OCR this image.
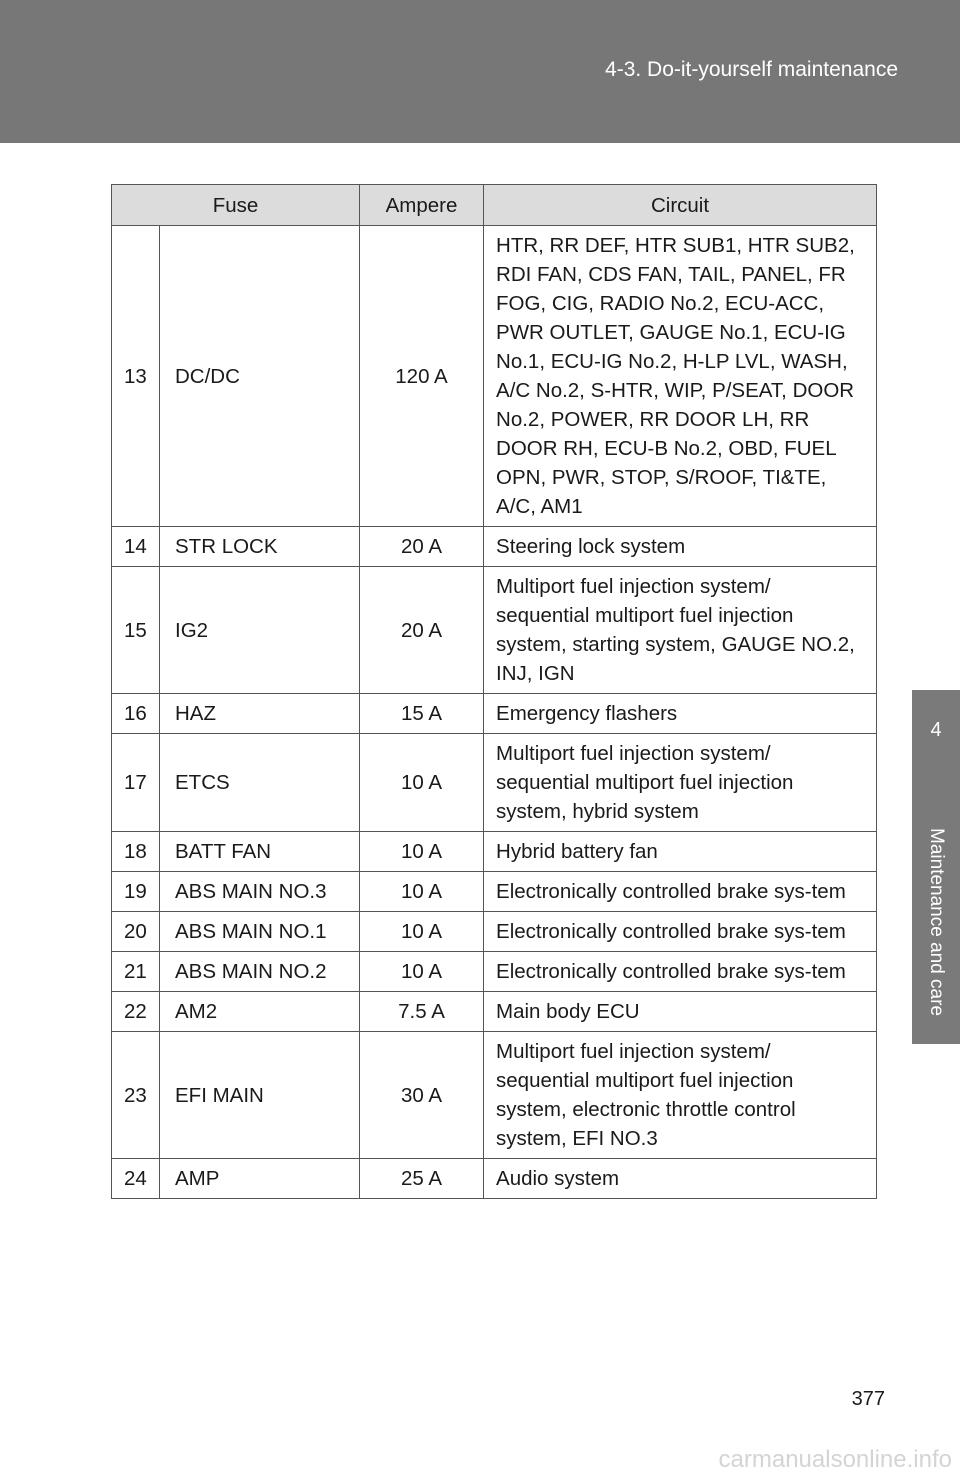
4-3. Do-it-yourself maintenance
4
Maintenance and care
Fuse		Ampere	Circuit
13	DC/DC	120 A	HTR, RR DEF, HTR SUB1, HTR SUB2, RDI FAN, CDS FAN, TAIL, PANEL, FR FOG, CIG, RADIO No.2, ECU-ACC, PWR OUTLET, GAUGE No.1, ECU-IG No.1, ECU-IG No.2, H-LP LVL, WASH, A/C No.2, S-HTR, WIP, P/SEAT, DOOR No.2, POWER, RR DOOR LH, RR DOOR RH, ECU-B No.2, OBD, FUEL OPN, PWR, STOP, S/ROOF, TI&TE, A/C, AM1
14	STR LOCK	20 A	Steering lock system
15	IG2	20 A	Multiport fuel injection system/ sequential multiport fuel injection system, starting system, GAUGE NO.2, INJ, IGN
16	HAZ	15 A	Emergency flashers
17	ETCS	10 A	Multiport fuel injection system/ sequential multiport fuel injection system, hybrid system
18	BATT FAN	10 A	Hybrid battery fan
19	ABS MAIN NO.3	10 A	Electronically controlled brake sys-tem
20	ABS MAIN NO.1	10 A	Electronically controlled brake sys-tem
21	ABS MAIN NO.2	10 A	Electronically controlled brake sys-tem
22	AM2	7.5 A	Main body ECU
23	EFI MAIN	30 A	Multiport fuel injection system/ sequential multiport fuel injection system, electronic throttle control system, EFI NO.3
24	AMP	25 A	Audio system
377
carmanualsonline.info
